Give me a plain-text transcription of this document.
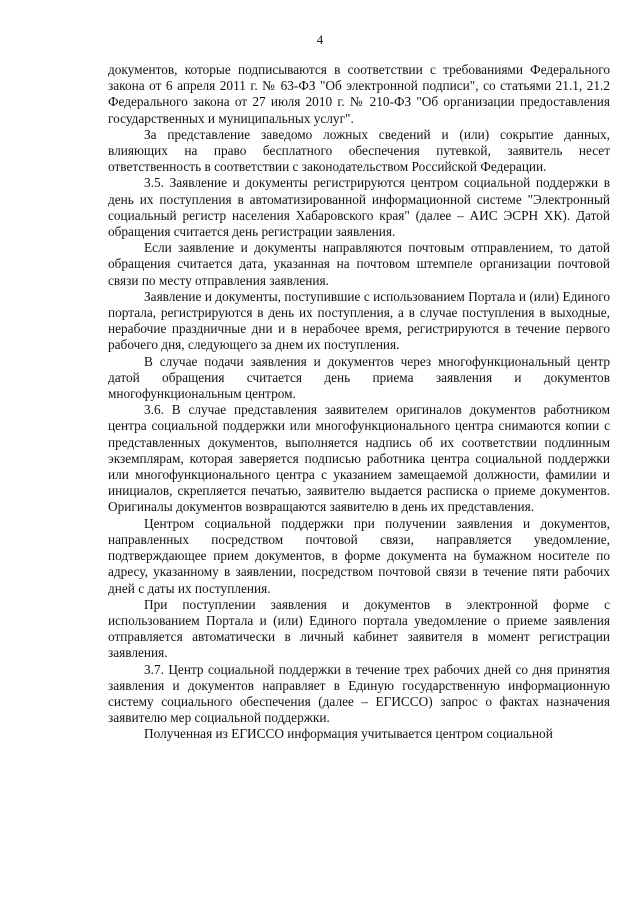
4

документов, которые подписываются в соответствии с требованиями Федерального закона от 6 апреля 2011 г. № 63-ФЗ "Об электронной подписи", со статьями 21.1, 21.2 Федерального закона от 27 июля 2010 г. № 210-ФЗ "Об организации предоставления государственных и муниципальных услуг".

За представление заведомо ложных сведений и (или) сокрытие данных, влияющих на право бесплатного обеспечения путевкой, заявитель несет ответственность в соответствии с законодательством Российской Федерации.

3.5. Заявление и документы регистрируются центром социальной поддержки в день их поступления в автоматизированной информационной системе "Электронный социальный регистр населения Хабаровского края" (далее – АИС ЭСРН ХК). Датой обращения считается день регистрации заявления.

Если заявление и документы направляются почтовым отправлением, то датой обращения считается дата, указанная на почтовом штемпеле организации почтовой связи по месту отправления заявления.

Заявление и документы, поступившие с использованием Портала и (или) Единого портала, регистрируются в день их поступления, а в случае поступления в выходные, нерабочие праздничные дни и в нерабочее время, регистрируются в течение первого рабочего дня, следующего за днем их поступления.

В случае подачи заявления и документов через многофункциональный центр датой обращения считается день приема заявления и документов многофункциональным центром.

3.6. В случае представления заявителем оригиналов документов работником центра социальной поддержки или многофункционального центра снимаются копии с представленных документов, выполняется надпись об их соответствии подлинным экземплярам, которая заверяется подписью работника центра социальной поддержки или многофункционального центра с указанием замещаемой должности, фамилии и инициалов, скрепляется печатью, заявителю выдается расписка о приеме документов. Оригиналы документов возвращаются заявителю в день их представления.

Центром социальной поддержки при получении заявления и документов, направленных посредством почтовой связи, направляется уведомление, подтверждающее прием документов, в форме документа на бумажном носителе по адресу, указанному в заявлении, посредством почтовой связи в течение пяти рабочих дней с даты их поступления.

При поступлении заявления и документов в электронной форме с использованием Портала и (или) Единого портала уведомление о приеме заявления отправляется автоматически в личный кабинет заявителя в момент регистрации заявления.

3.7. Центр социальной поддержки в течение трех рабочих дней со дня принятия заявления и документов направляет в Единую государственную информационную систему социального обеспечения (далее – ЕГИССО) запрос о фактах назначения заявителю мер социальной поддержки.

Полученная из ЕГИССО информация учитывается центром социальной
